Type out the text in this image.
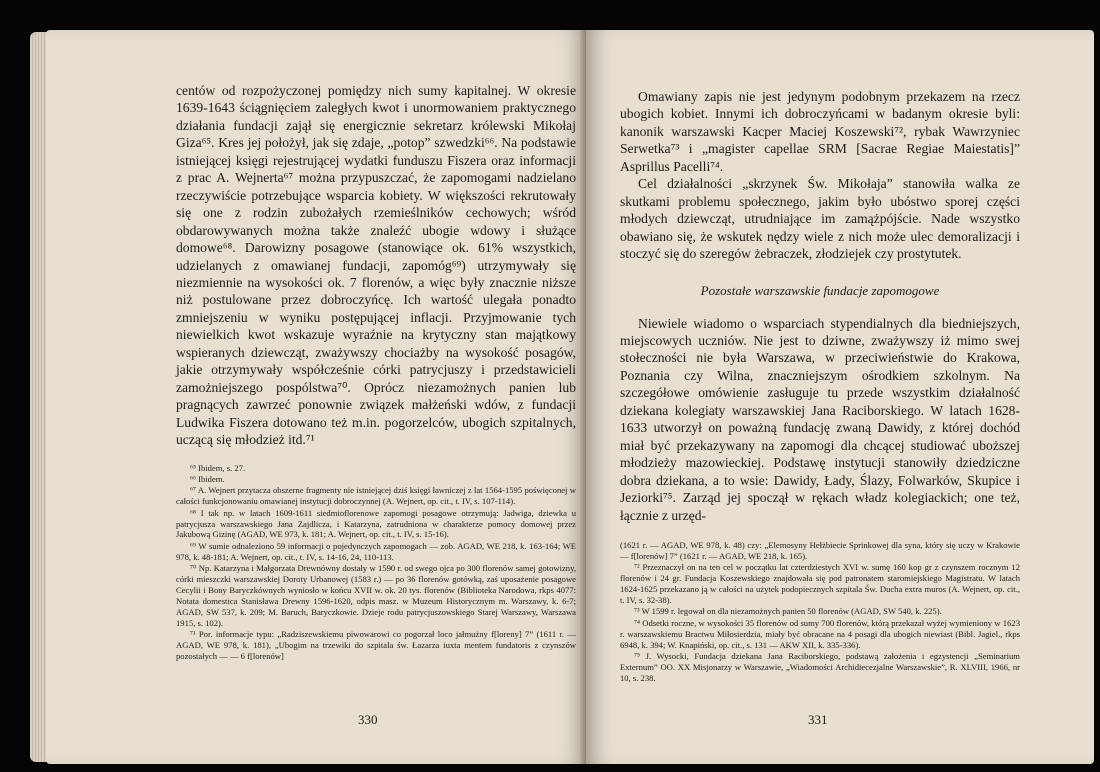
centów od rozpożyczonej pomiędzy nich sumy kapitalnej. W okresie 1639-1643 ściągnięciem zaległych kwot i unormowaniem praktycznego działania fundacji zajął się energicznie sekretarz królewski Mikołaj Giza⁶⁵. Kres jej położył, jak się zdaje, „potop” szwedzki⁶⁶. Na podstawie istniejącej księgi rejestrującej wydatki funduszu Fiszera oraz informacji z prac A. Wejnerta⁶⁷ można przypuszczać, że zapomogami nadzielano rzeczywiście potrzebujące wsparcia kobiety. W większości rekrutowały się one z rodzin zubożałych rzemieślników cechowych; wśród obdarowywanych można także znaleźć ubogie wdowy i służące domowe⁶⁸. Darowizny posagowe (stanowiące ok. 61% wszystkich, udzielanych z omawianej fundacji, zapomóg⁶⁹) utrzymywały się niezmiennie na wysokości ok. 7 florenów, a więc były znacznie niższe niż postulowane przez dobroczyńcę. Ich wartość ulegała ponadto zmniejszeniu w wyniku postępującej inflacji. Przyjmowanie tych niewielkich kwot wskazuje wyraźnie na krytyczny stan majątkowy wspieranych dziewcząt, zważywszy chociażby na wysokość posagów, jakie otrzymywały współcześnie córki patrycjuszy i przedstawicieli zamożniejszego pospólstwa⁷⁰. Oprócz niezamożnych panien lub pragnących zawrzeć ponownie związek małżeński wdów, z fundacji Ludwika Fiszera dotowano też m.in. pogorzelców, ubogich szpitalnych, uczącą się młodzież itd.⁷¹

⁶⁵ Ibidem, s. 27.

⁶⁶ Ibidem.

⁶⁷ A. Wejnert przytacza obszerne fragmenty nie istniejącej dziś księgi ławniczej z lat 1564-1595 poświęconej w całości funkcjonowaniu omawianej instytucji dobroczynnej (A. Wejnert, op. cit., t. IV, s. 107-114).

⁶⁸ I tak np. w latach 1609-1611 siedmioflorenowe zapomogi posagowe otrzymują: Jadwiga, dziewka u patrycjusza warszawskiego Jana Zajdlicza, i Katarzyna, zatrudniona w charakterze pomocy domowej przez Jakubową Gizinę (AGAD, WE 973, k. 181; A. Wejnert, op. cit., t. IV, s. 15-16).

⁶⁹ W sumie odnaleziono 59 informacji o pojedynczych zapomogach — zob. AGAD, WE 218, k. 163-164; WE 978, k. 48-181; A. Wejnert, op. cit., t. IV, s. 14-16, 24, 110-113.

⁷⁰ Np. Katarzyna i Małgorzata Drewnówny dostały w 1590 r. od swego ojca po 300 florenów samej gotowizny, córki mieszczki warszawskiej Doroty Urbanowej (1583 r.) — po 36 florenów gotówką, zaś uposażenie posagowe Cecylii i Bony Baryczkównych wyniosło w końcu XVII w. ok. 20 tys. florenów (Biblioteka Narodowa, rkps 4077: Notata domestica Stanisława Drewny 1596-1620, odpis masz. w Muzeum Historycznym m. Warszawy, k. 6-7; AGAD, SW 537, k. 209; M. Baruch, Baryczkowie. Dzieje rodu patrycjuszowskiego Starej Warszawy, Warszawa 1915, s. 102).

⁷¹ Por. informacje typu: „Radziszewskiemu piwowarowi co pogorzał loco jałmużny f[loreny] 7” (1611 r. — AGAD, WE 978, k. 181), „Ubogim na trzewiki do szpitala św. Łazarza iuxta mentem fundatoris z czynszów pozostałych — — 6 f[lorenów]

330

Omawiany zapis nie jest jedynym podobnym przekazem na rzecz ubogich kobiet. Innymi ich dobroczyńcami w badanym okresie byli: kanonik warszawski Kacper Maciej Koszewski⁷², rybak Wawrzyniec Serwetka⁷³ i „magister capellae SRM [Sacrae Regiae Maiestatis]” Asprillus Pacelli⁷⁴.

Cel działalności „skrzynek Św. Mikołaja” stanowiła walka ze skutkami problemu społecznego, jakim było ubóstwo sporej części młodych dziewcząt, utrudniające im zamążpójście. Nade wszystko obawiano się, że wskutek nędzy wiele z nich może ulec demoralizacji i stoczyć się do szeregów żebraczek, złodziejek czy prostytutek.

Pozostałe warszawskie fundacje zapomogowe

Niewiele wiadomo o wsparciach stypendialnych dla biedniejszych, miejscowych uczniów. Nie jest to dziwne, zważywszy iż mimo swej stołeczności nie była Warszawa, w przeciwieństwie do Krakowa, Poznania czy Wilna, znaczniejszym ośrodkiem szkolnym. Na szczegółowe omówienie zasługuje tu przede wszystkim działalność dziekana kolegiaty warszawskiej Jana Raciborskiego. W latach 1628-1633 utworzył on poważną fundację zwaną Dawidy, z której dochód miał być przekazywany na zapomogi dla chcącej studiować uboższej młodzieży mazowieckiej. Podstawę instytucji stanowiły dziedziczne dobra dziekana, a to wsie: Dawidy, Łady, Ślazy, Folwarków, Skupice i Jeziorki⁷⁵. Zarząd jej spoczął w rękach władz kolegiackich; one też, łącznie z urzęd-

(1621 r. — AGAD, WE 978, k. 48) czy: „Elemosyny Hełżbiecie Sprinkowej dla syna, który się uczy w Krakowie — f[lorenów] 7” (1621 r. — AGAD, WE 218, k. 165).

⁷² Przeznaczył on na ten cel w początku lat czterdziestych XVI w. sumę 160 kop gr z czynszem rocznym 12 florenów i 24 gr. Fundacja Koszewskiego znajdowała się pod patronatem staromiejskiego Magistratu. W latach 1624-1625 przekazano ją w całości na użytek podopiecznych szpitala Św. Ducha extra muros (A. Wejnert, op. cit., t. IV, s. 32-38).

⁷³ W 1599 r. legował on dla niezamożnych panien 50 florenów (AGAD, SW 540, k. 225).

⁷⁴ Odsetki roczne, w wysokości 35 florenów od sumy 700 florenów, którą przekazał wyżej wymieniony w 1623 r. warszawskiemu Bractwu Miłosierdzia, miały być obracane na 4 posagi dla ubogich niewiast (Bibl. Jagiel., rkps 6948, k. 394; W. Knapiński, op. cit., s. 131 — AKW XII, k. 335-336).

⁷⁵ J. Wysocki, Fundacja dziekana Jana Raciborskiego, podstawą założenia i egzystencji „Seminarium Externum” OO. XX Misjonarzy w Warszawie, „Wiadomości Archidiecezjalne Warszawskie”, R. XLVIII, 1966, nr 10, s. 238.

331
